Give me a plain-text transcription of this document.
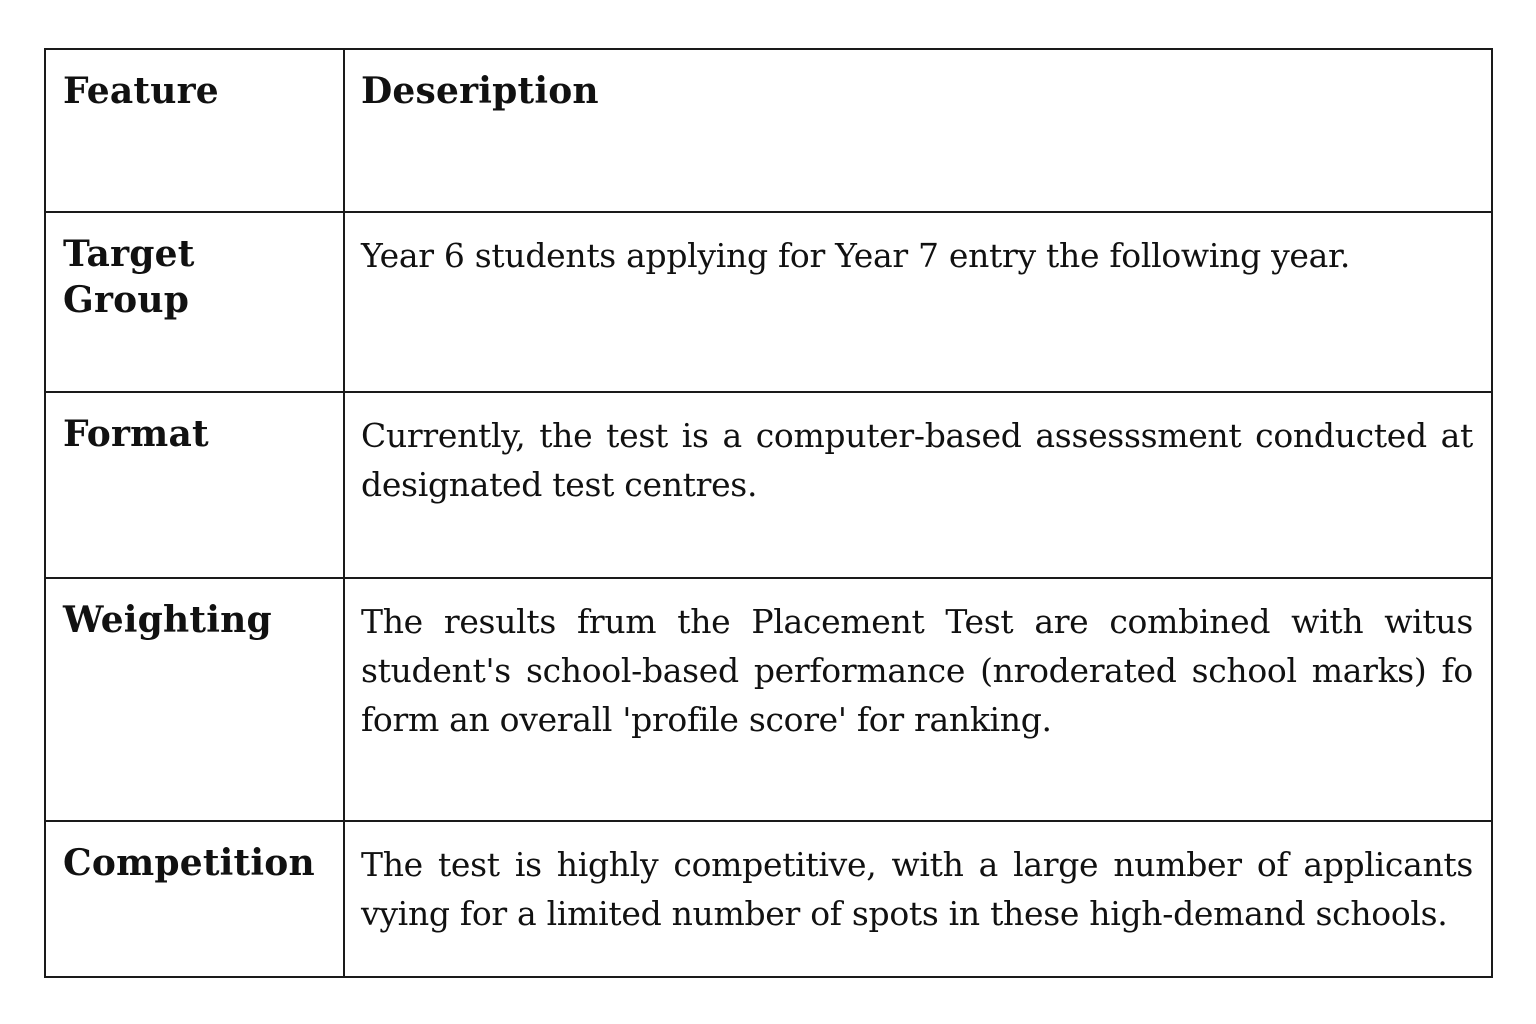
Feature	Deseription
Target Group	Year 6 students applying for Year 7 entry the following year.
Format	Currently, the test is a computer-based assesssment conducted at designated test centres.
Weighting	The results frum the Placement Test are combined with witus student's school-based performance (nroderated school marks) fo form an overall 'profile score' for ranking.
Competition	The test is highly competitive, with a large number of applicants vying for a limited number of spots in these high-demand schools.
